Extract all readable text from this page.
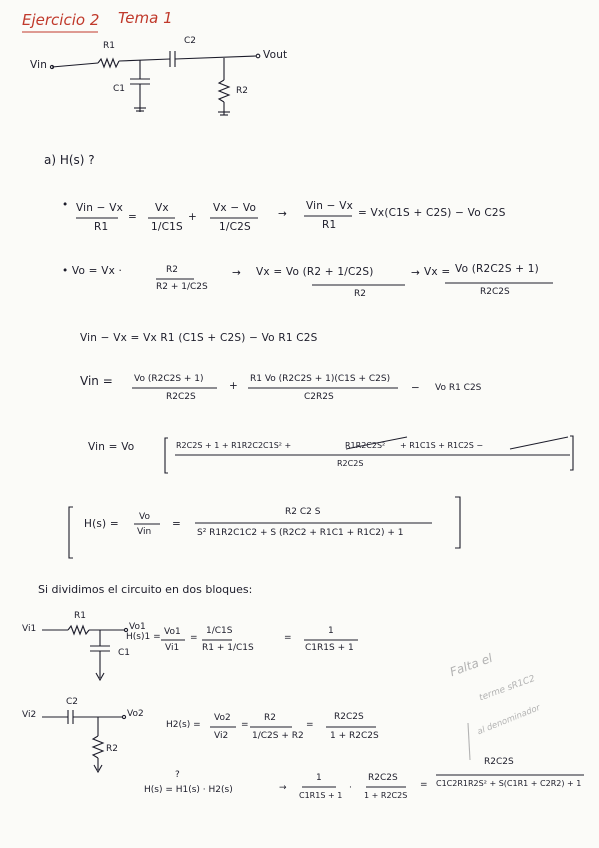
Ejercicio 2 Tema 1
Vin
R1	C2
C1	R2
Vout
a) H(s) ?
• Vin − Vx
R1
=
Vx
1/C1S
+
Vx − Vo
1/C2S
→
Vin − Vx
R1
= Vx(C1S + C2S) − Vo C2S
• Vo = Vx ·	R2
R2 + 1/C2S
→ Vx = Vo (R2 + 1/C2S)
R2
→ Vx = Vo (R2C2S + 1)
R2C2S
Vin − Vx = Vx R1 (C1S + C2S) − Vo R1 C2S
Vin = Vo (R2C2S + 1)
R2C2S
+
R1 Vo (R2C2S + 1)(C1S + C2S)
C2R2S
− Vo R1 C2S
Vin = Vo	R2C2S + 1 + R1R2C2C1S² +	R1R2C2S² + R1C1S + R1C2S −
R2C2S
H(s) =
Vo
Vin
=
R2 C2 S
S² R1R2C1C2 + S (R2C2 + R1C1 + R1C2) + 1
Si dividimos el circuito en dos bloques:
Vi1
R1
Vo1
C1
H(s)1 = Vo1
Vi1
=
1/C1S
R1 + 1/C1S
=
1
C1R1S + 1
Vi2
C2
Vo2
R2
H2(s) =
Vo2
Vi2
=
R2
1/C2S + R2
=
R2C2S
1 + R2C2S
?
H(s) = H1(s) · H2(s)	→
1
C1R1S + 1
·
R2C2S
1 + R2C2S
=
R2C2S
C1C2R1R2S² + S(C1R1 + C2R2) + 1
Falta el
terme sR1C2
al denominador
